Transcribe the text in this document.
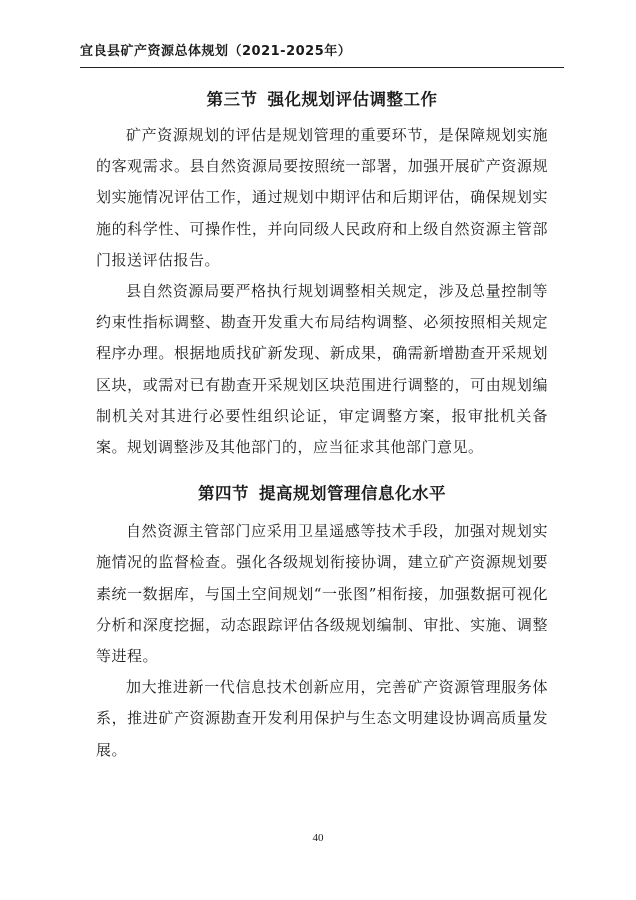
宜良县矿产资源总体规划（2021-2025年）
第三节 强化规划评估调整工作

矿产资源规划的评估是规划管理的重要环节，是保障规划实施的客观需求。县自然资源局要按照统一部署，加强开展矿产资源规划实施情况评估工作，通过规划中期评估和后期评估，确保规划实施的科学性、可操作性，并向同级人民政府和上级自然资源主管部门报送评估报告。

县自然资源局要严格执行规划调整相关规定，涉及总量控制等约束性指标调整、勘查开发重大布局结构调整、必须按照相关规定程序办理。根据地质找矿新发现、新成果，确需新增勘查开采规划区块，或需对已有勘查开采规划区块范围进行调整的，可由规划编制机关对其进行必要性组织论证，审定调整方案，报审批机关备案。规划调整涉及其他部门的，应当征求其他部门意见。

第四节 提高规划管理信息化水平

自然资源主管部门应采用卫星遥感等技术手段，加强对规划实施情况的监督检查。强化各级规划衔接协调，建立矿产资源规划要素统一数据库，与国土空间规划“一张图”相衔接，加强数据可视化分析和深度挖掘，动态跟踪评估各级规划编制、审批、实施、调整等进程。

加大推进新一代信息技术创新应用，完善矿产资源管理服务体系，推进矿产资源勘查开发利用保护与生态文明建设协调高质量发展。

40
